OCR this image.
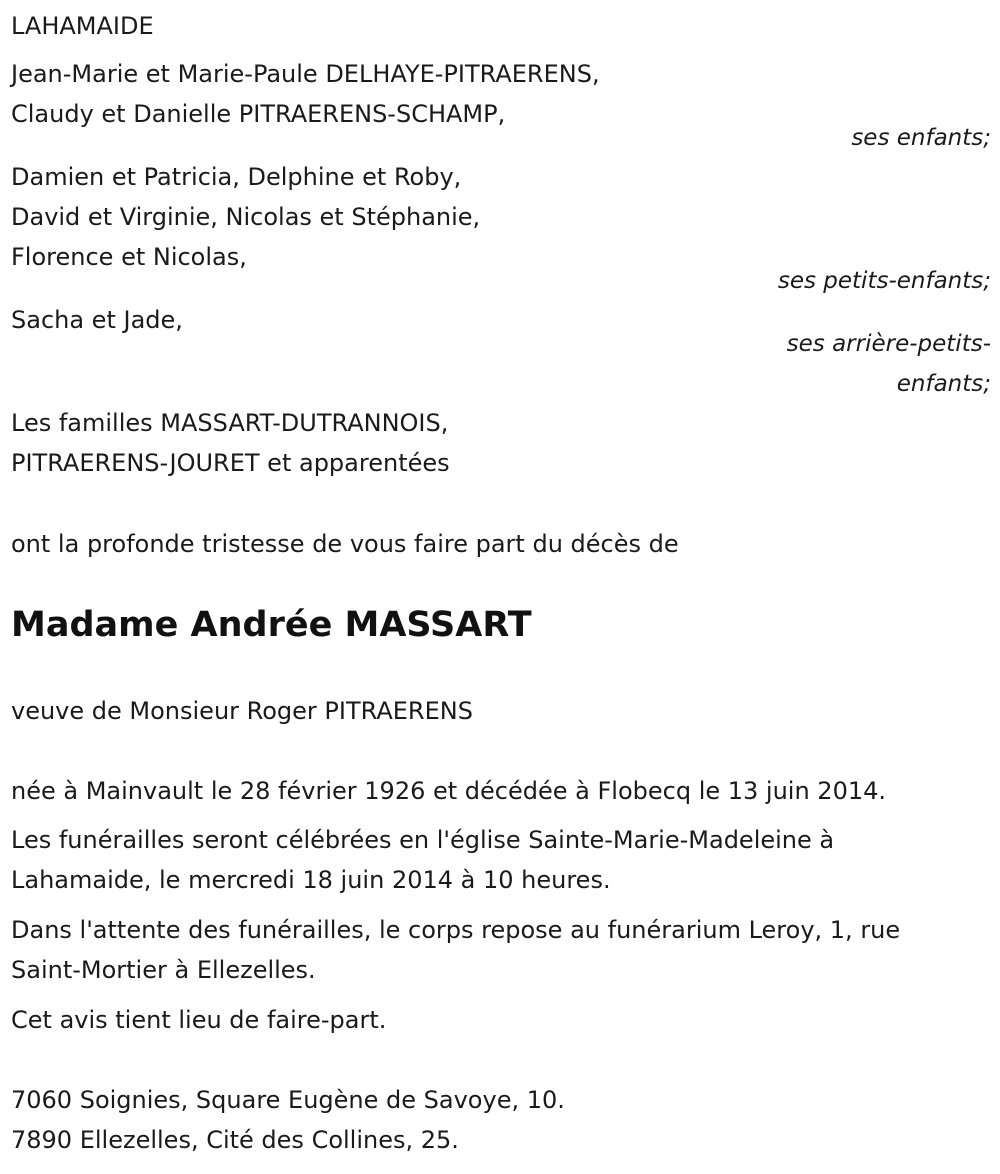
LAHAMAIDE
Jean-Marie et Marie-Paule DELHAYE-PITRAERENS,
Claudy et Danielle PITRAERENS-SCHAMP,
ses enfants;
Damien et Patricia, Delphine et Roby,
David et Virginie, Nicolas et Stéphanie,
Florence et Nicolas,
ses petits-enfants;
Sacha et Jade,
ses arrière-petits-
enfants;
Les familles MASSART-DUTRANNOIS,
PITRAERENS-JOURET et apparentées
ont la profonde tristesse de vous faire part du décès de
Madame Andrée MASSART
veuve de Monsieur Roger PITRAERENS
née à Mainvault le 28 février 1926 et décédée à Flobecq le 13 juin 2014.
Les funérailles seront célébrées en l'église Sainte-Marie-Madeleine à
Lahamaide, le mercredi 18 juin 2014 à 10 heures.
Dans l'attente des funérailles, le corps repose au funérarium Leroy, 1, rue
Saint-Mortier à Ellezelles.
Cet avis tient lieu de faire-part.
7060 Soignies, Square Eugène de Savoye, 10.
7890 Ellezelles, Cité des Collines, 25.
